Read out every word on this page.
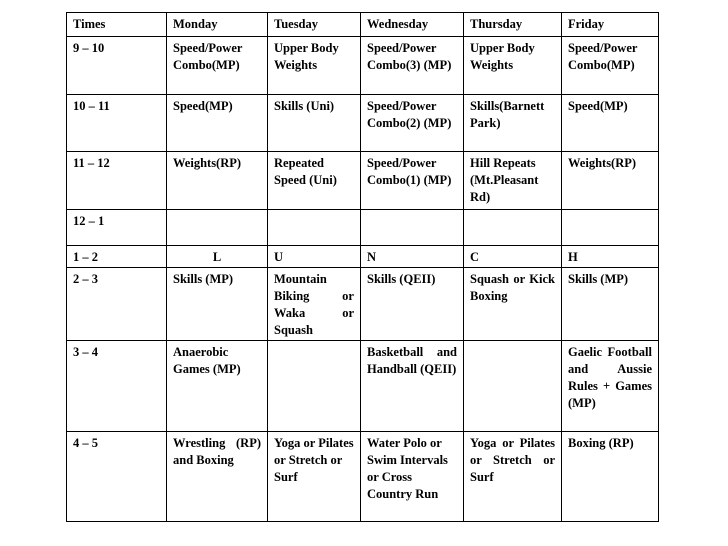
Times	Monday	Tuesday	Wednesday	Thursday	Friday
9 – 10	Speed/Power Combo(MP)	Upper Body Weights	Speed/Power Combo(3) (MP)	Upper Body Weights	Speed/Power Combo(MP)
10 – 11	Speed(MP)	Skills (Uni)	Speed/Power Combo(2) (MP)	Skills(Barnett Park)	Speed(MP)
11 – 12	Weights(RP)	Repeated Speed (Uni)	Speed/Power Combo(1) (MP)	Hill Repeats (Mt.Pleasant Rd)	Weights(RP)
12 – 1					
1 – 2	L	U	N	C	H
2 – 3	Skills (MP)	Mountain Biking or Waka or Squash	Skills (QEII)	Squash or Kick Boxing	Skills (MP)
3 – 4	Anaerobic Games (MP)		Basketball and Handball (QEII)		Gaelic Football and Aussie Rules + Games (MP)
4 – 5	Wrestling (RP) and Boxing	Yoga or Pilates or Stretch or Surf	Water Polo or Swim Intervals or Cross Country Run	Yoga or Pilates or Stretch or Surf	Boxing (RP)
